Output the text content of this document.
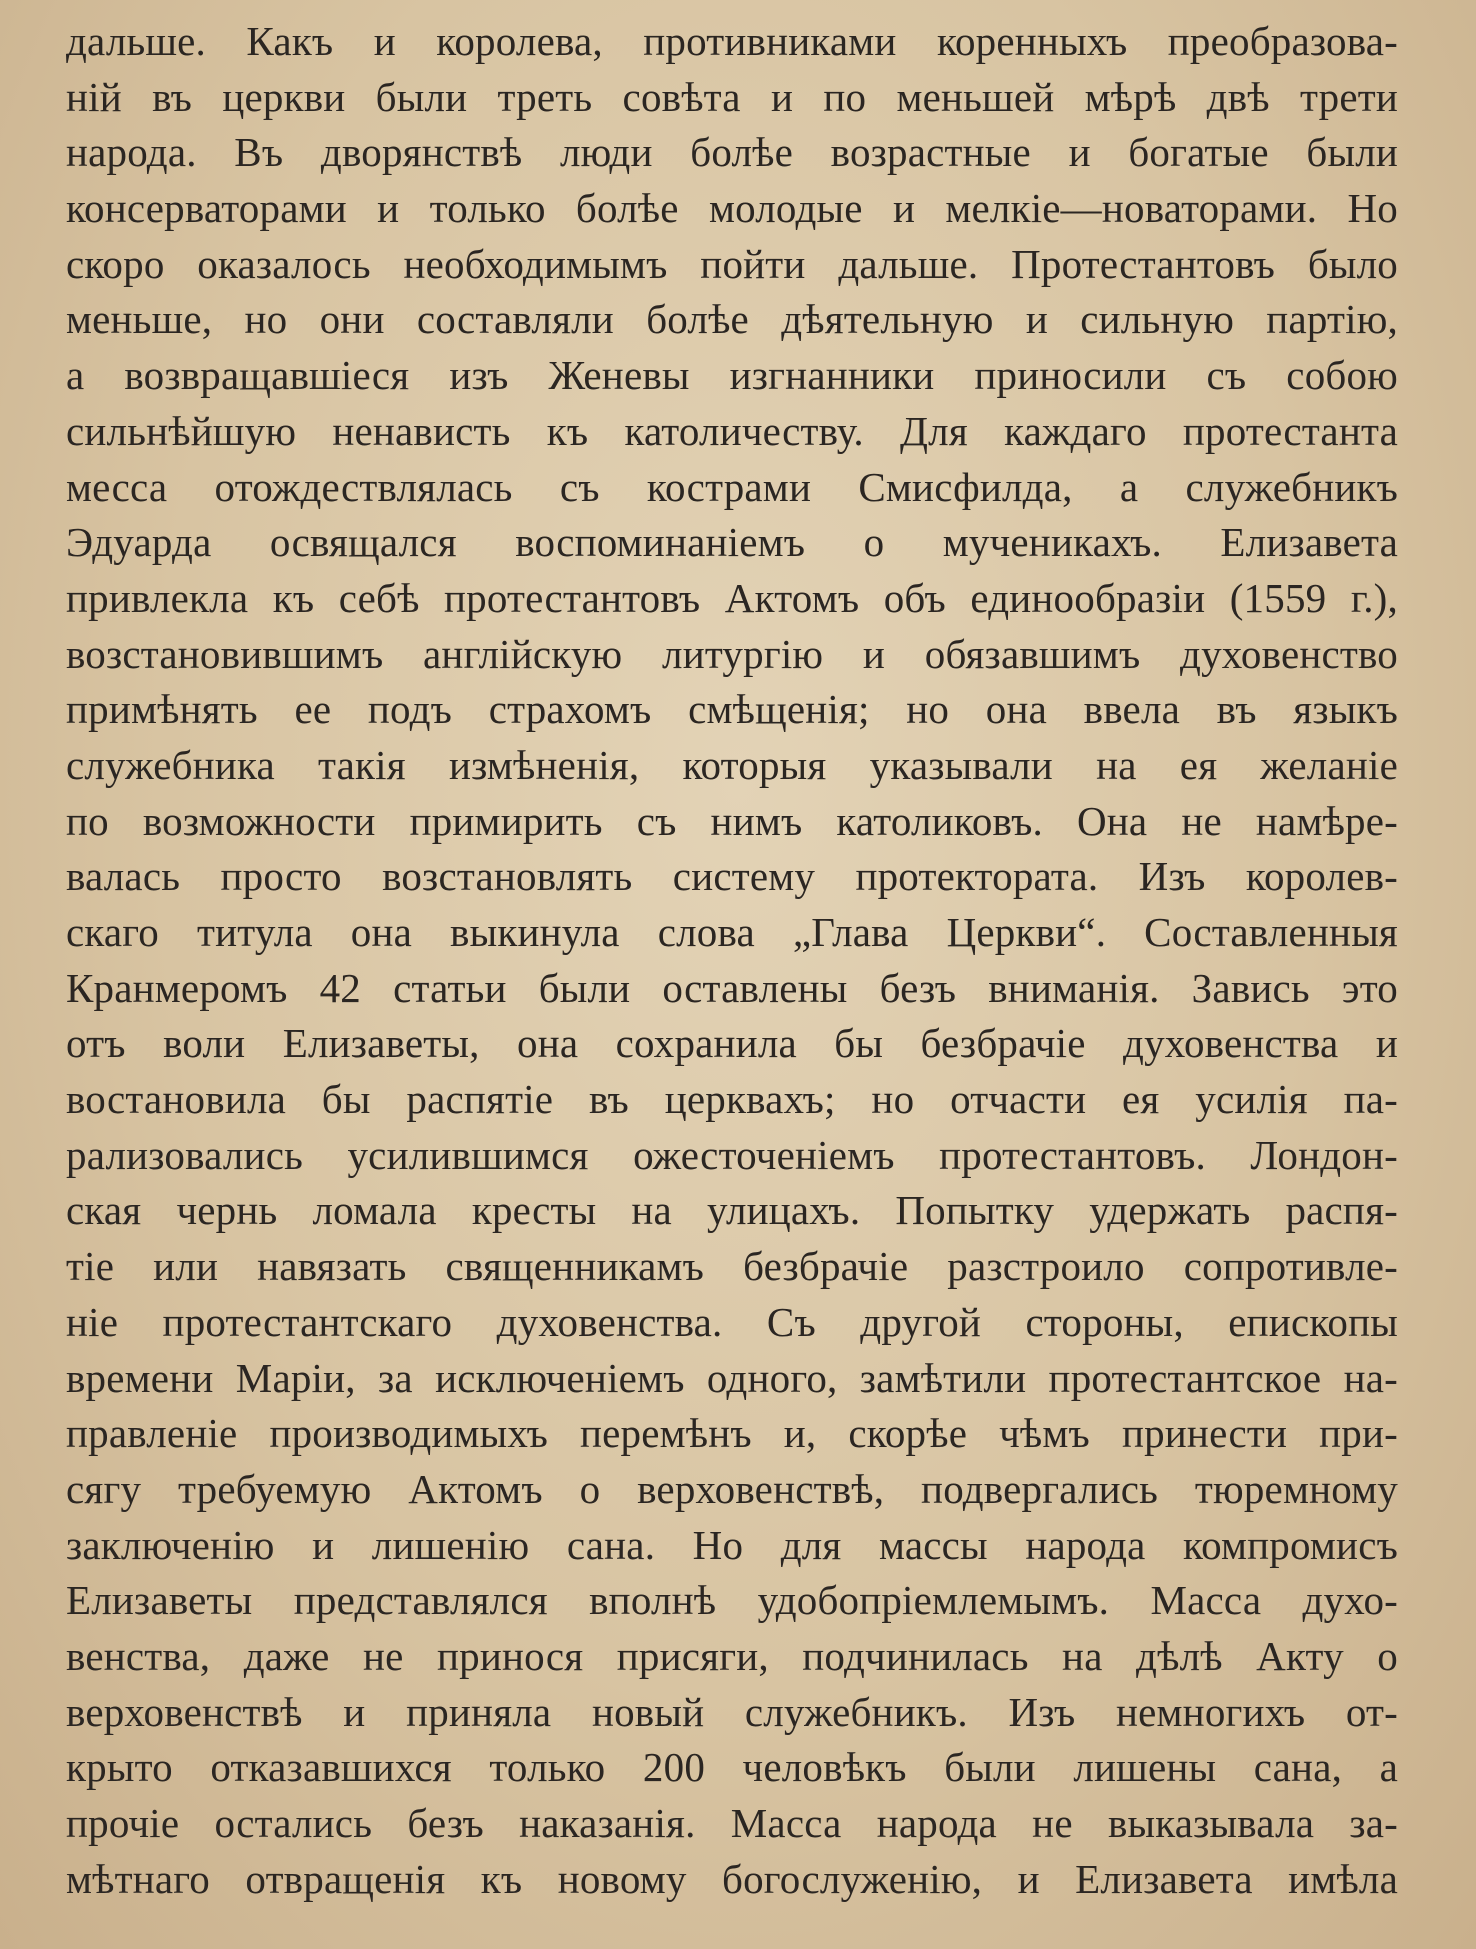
дальше. Какъ и королева, противниками коренныхъ преобразова-
ній въ церкви были треть совѣта и по меньшей мѣрѣ двѣ трети
народа. Въ дворянствѣ люди болѣе возрастные и богатые были
консерваторами и только болѣе молодые и мелкіе—новаторами. Но
скоро оказалось необходимымъ пойти дальше. Протестантовъ было
меньше, но они составляли болѣе дѣятельную и сильную партію,
а возвращавшіеся изъ Женевы изгнанники приносили съ собою
сильнѣйшую ненависть къ католичеству. Для каждаго протестанта
месса отождествлялась съ кострами Смисфилда, а служебникъ
Эдуарда освящался воспоминаніемъ о мученикахъ. Елизавета
привлекла къ себѣ протестантовъ Актомъ объ единообразіи (1559 г.),
возстановившимъ англійскую литургію и обязавшимъ духовенство
примѣнять ее подъ страхомъ смѣщенія; но она ввела въ языкъ
служебника такія измѣненія, которыя указывали на ея желаніе
по возможности примирить съ нимъ католиковъ. Она не намѣре-
валась просто возстановлять систему протектората. Изъ королев-
скаго титула она выкинула слова „Глава Церкви“. Составленныя
Кранмеромъ 42 статьи были оставлены безъ вниманія. Завись это
отъ воли Елизаветы, она сохранила бы безбрачіе духовенства и
востановила бы распятіе въ церквахъ; но отчасти ея усилія па-
рализовались усилившимся ожесточеніемъ протестантовъ. Лондон-
ская чернь ломала кресты на улицахъ. Попытку удержать распя-
тіе или навязать священникамъ безбрачіе разстроило сопротивле-
ніе протестантскаго духовенства. Съ другой стороны, епископы
времени Маріи, за исключеніемъ одного, замѣтили протестантское на-
правленіе производимыхъ перемѣнъ и, скорѣе чѣмъ принести при-
сягу требуемую Актомъ о верховенствѣ, подвергались тюремному
заключенію и лишенію сана. Но для массы народа компромисъ
Елизаветы представлялся вполнѣ удобопріемлемымъ. Масса духо-
венства, даже не принося присяги, подчинилась на дѣлѣ Акту о
верховенствѣ и приняла новый служебникъ. Изъ немногихъ от-
крыто отказавшихся только 200 человѣкъ были лишены сана, а
прочіе остались безъ наказанія. Масса народа не выказывала за-
мѣтнаго отвращенія къ новому богослуженію, и Елизавета имѣла
